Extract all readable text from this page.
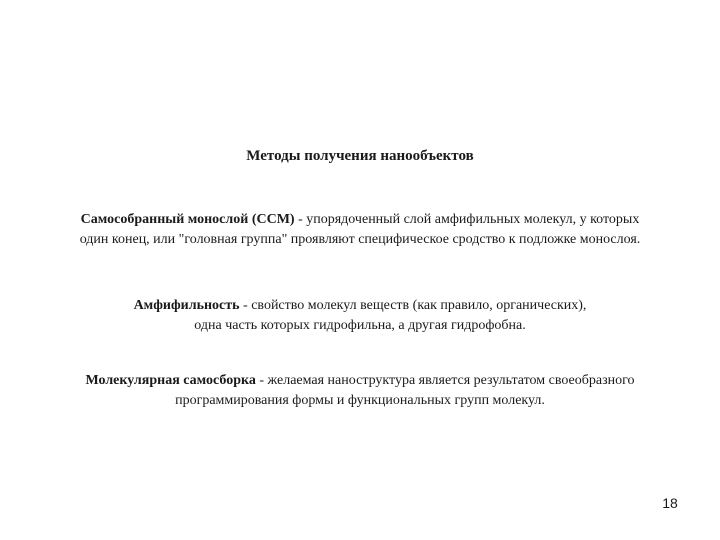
Методы получения нанообъектов
Самособранный монослой (ССМ) - упорядоченный слой амфифильных молекул, у которых
один конец, или "головная группа" проявляют специфическое сродство к подложке монослоя.
Амфифильность - свойство молекул веществ (как правило, органических),
одна часть которых гидрофильна, а другая гидрофобна.
Молекулярная самосборка - желаемая наноструктура является результатом своеобразного
программирования формы и функциональных групп молекул.
18
